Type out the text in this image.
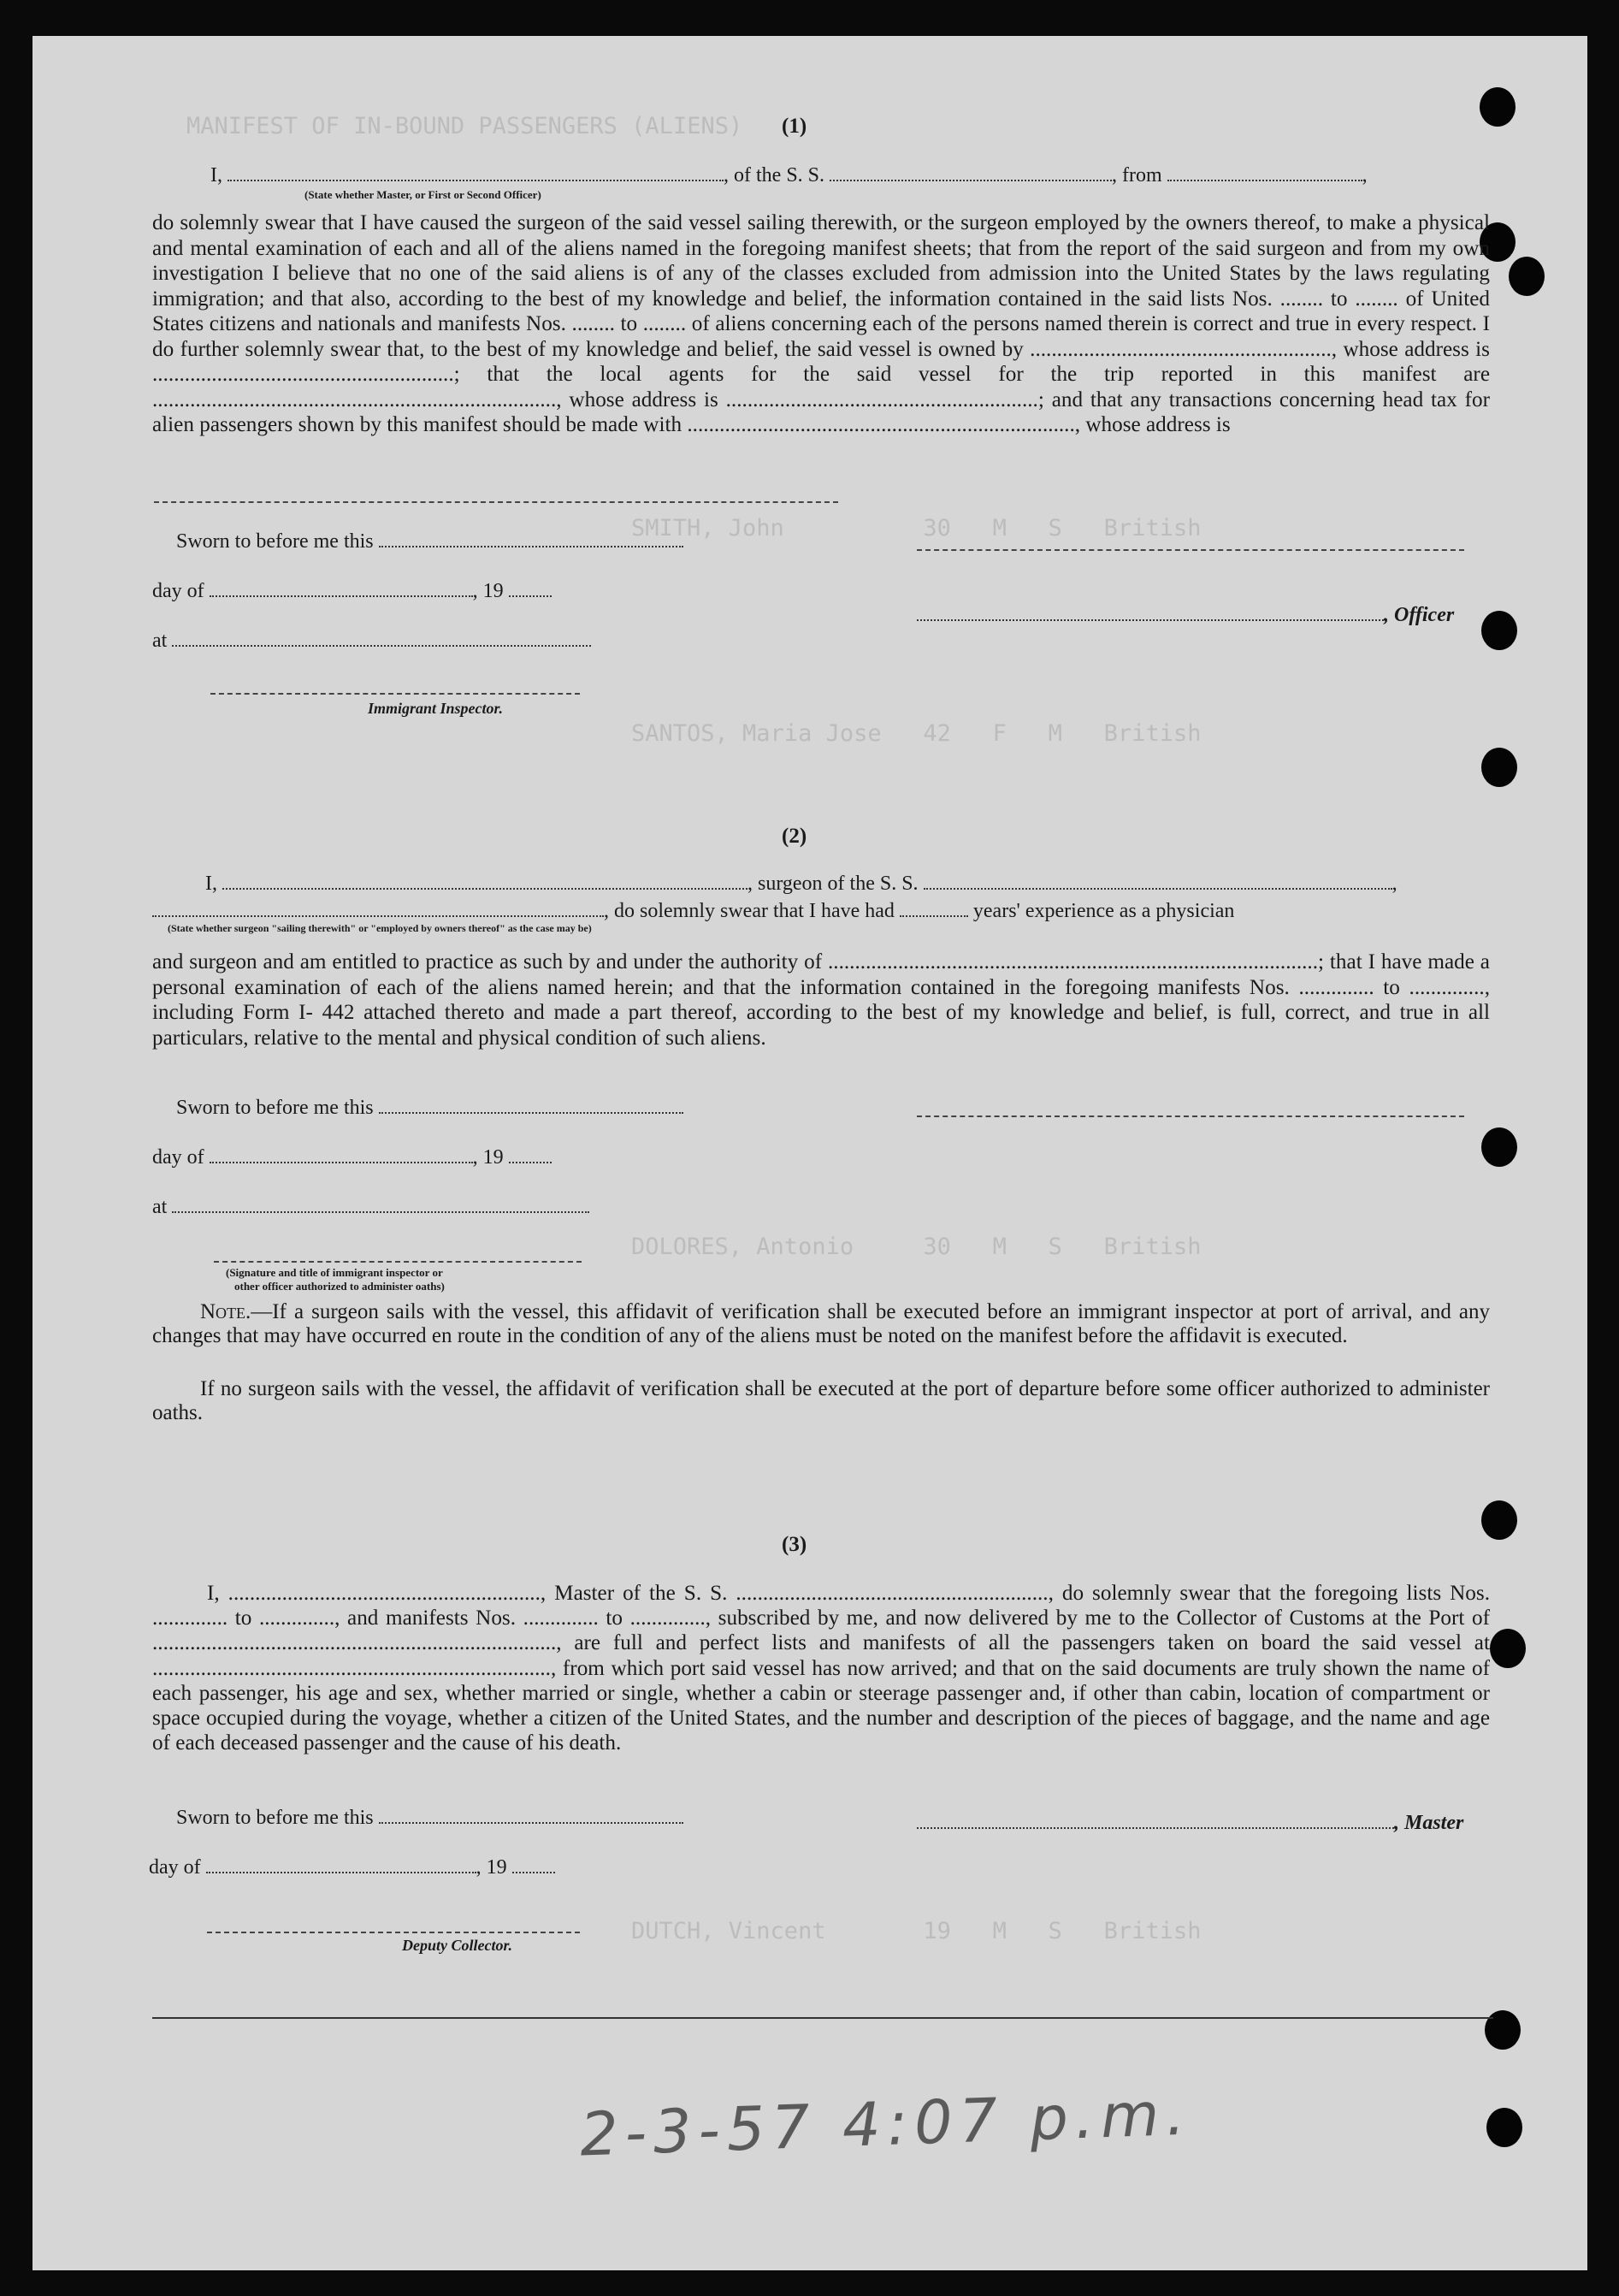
MANIFEST OF IN-BOUND PASSENGERS (ALIENS)
SMITH, John          30   M   S   British
SANTOS, Maria Jose   42   F   M   British
DOLORES, Antonio     30   M   S   British
DUTCH, Vincent       19   M   S   British
(1)
I,	, of the S. S.	, from	,
(State whether Master, or First or Second Officer)
do solemnly swear that I have caused the surgeon of the said vessel sailing therewith, or the surgeon employed by the owners thereof, to make a physical and mental examination of each and all of the aliens named in the foregoing manifest sheets; that from the report of the said surgeon and from my own investigation I believe that no one of the said aliens is of any of the classes excluded from admission into the United States by the laws regulating immigration; and that also, according to the best of my knowledge and belief, the information contained in the said lists Nos. ........ to ........ of United States citizens and nationals and manifests Nos. ........ to ........ of aliens concerning each of the persons named therein is correct and true in every respect. I do further solemnly swear that, to the best of my knowledge and belief, the said vessel is owned by ........................................................, whose address is ........................................................; that the local agents for the said vessel for the trip reported in this manifest are ..........................................................................., whose address is ..........................................................; and that any transactions concerning head tax for alien passengers shown by this manifest should be made with ........................................................................, whose address is
Sworn to before me this
day of	, 19
at
, Officer
Immigrant Inspector.
(2)
I,	, surgeon of the S. S.	,
, do solemnly swear that I have had	years' experience as a physician
(State whether surgeon "sailing therewith" or "employed by owners thereof" as the case may be)
and surgeon and am entitled to practice as such by and under the authority of ...........................................................................................; that I have made a personal examination of each of the aliens named herein; and that the information contained in the foregoing manifests Nos. .............. to .............., including Form I- 442 attached thereto and made a part thereof, according to the best of my knowledge and belief, is full, correct, and true in all particulars, relative to the mental and physical condition of such aliens.
Sworn to before me this
day of	, 19
at
(Signature and title of immigrant inspector or
other officer authorized to administer oaths)
Note.—If a surgeon sails with the vessel, this affidavit of verification shall be executed before an immigrant inspector at port of arrival, and any changes that may have occurred en route in the condition of any of the aliens must be noted on the manifest before the affidavit is executed.
If no surgeon sails with the vessel, the affidavit of verification shall be executed at the port of departure before some officer authorized to administer oaths.
(3)
I, .........................................................., Master of the S. S. .........................................................., do solemnly swear that the foregoing lists Nos. .............. to .............., and manifests Nos. .............. to .............., subscribed by me, and now delivered by me to the Collector of Customs at the Port of ..........................................................................., are full and perfect lists and manifests of all the passengers taken on board the said vessel at .........................................................................., from which port said vessel has now arrived; and that on the said documents are truly shown the name of each passenger, his age and sex, whether married or single, whether a cabin or steerage passenger and, if other than cabin, location of compartment or space occupied during the voyage, whether a citizen of the United States, and the number and description of the pieces of baggage, and the name and age of each deceased passenger and the cause of his death.
Sworn to before me this	, Master
day of	, 19
Deputy Collector.
2-3-57 4:07 p.m.
